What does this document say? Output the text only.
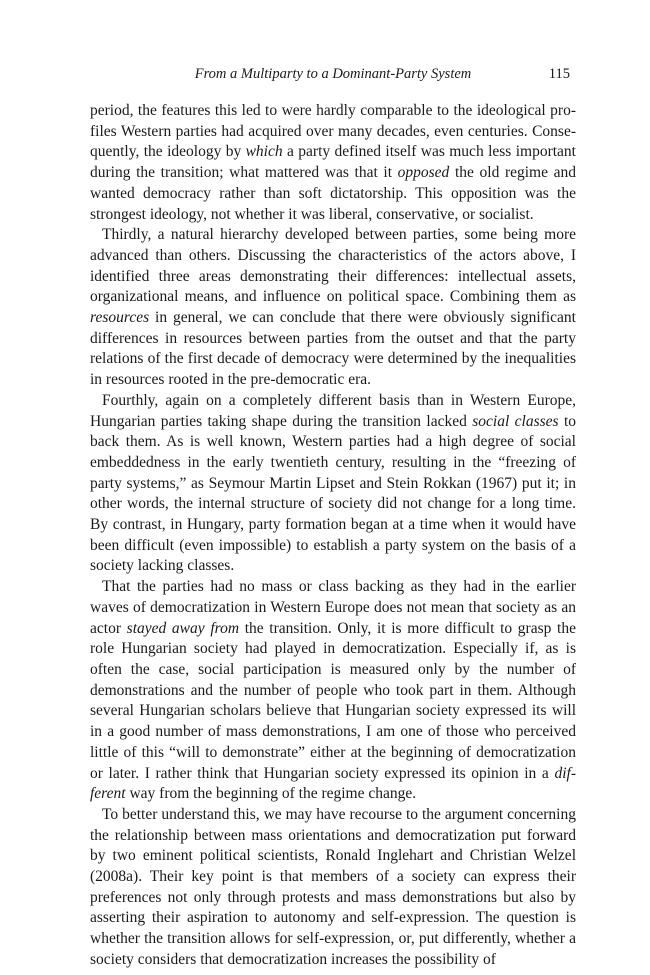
From a Multiparty to a Dominant-Party System	115

period, the features this led to were hardly comparable to the ideological profiles Western parties had acquired over many decades, even centuries. Consequently, the ideology by which a party defined itself was much less important during the transition; what mattered was that it opposed the old regime and wanted democracy rather than soft dictatorship. This opposition was the strongest ideology, not whether it was liberal, conservative, or socialist.

Thirdly, a natural hierarchy developed between parties, some being more advanced than others. Discussing the characteristics of the actors above, I identified three areas demonstrating their differences: intellectual assets, organizational means, and influence on political space. Combining them as resources in general, we can conclude that there were obviously significant differences in resources between parties from the outset and that the party relations of the first decade of democracy were determined by the inequalities in resources rooted in the pre-democratic era.

Fourthly, again on a completely different basis than in Western Europe, Hungarian parties taking shape during the transition lacked social classes to back them. As is well known, Western parties had a high degree of social embeddedness in the early twentieth century, resulting in the “freezing of party systems,” as Seymour Martin Lipset and Stein Rokkan (1967) put it; in other words, the internal structure of society did not change for a long time. By contrast, in Hungary, party formation began at a time when it would have been difficult (even impossible) to establish a party system on the basis of a society lacking classes.

That the parties had no mass or class backing as they had in the earlier waves of democratization in Western Europe does not mean that society as an actor stayed away from the transition. Only, it is more difficult to grasp the role Hungarian society had played in democratization. Especially if, as is often the case, social participation is measured only by the number of demonstrations and the number of people who took part in them. Although several Hungarian scholars believe that Hungarian society expressed its will in a good number of mass demonstrations, I am one of those who perceived little of this “will to demonstrate” either at the beginning of democratization or later. I rather think that Hungarian society expressed its opinion in a different way from the beginning of the regime change.

To better understand this, we may have recourse to the argument concerning the relationship between mass orientations and democratization put forward by two eminent political scientists, Ronald Inglehart and Christian Welzel (2008a). Their key point is that members of a society can express their preferences not only through protests and mass demonstrations but also by asserting their aspiration to autonomy and self-expression. The question is whether the transition allows for self-expression, or, put differently, whether a society considers that democratization increases the possibility of
